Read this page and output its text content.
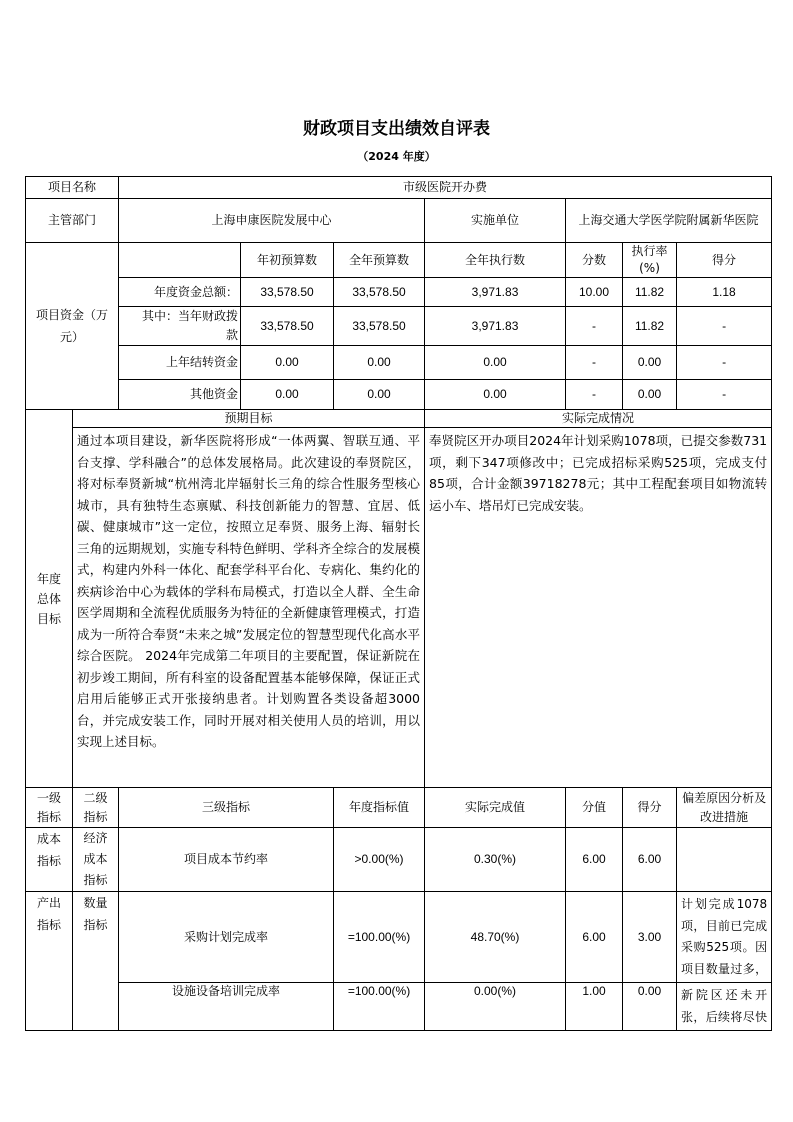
财政项目支出绩效自评表
（2024 年度）
项目名称		市级医院开办费						
主管部门		上海申康医院发展中心			实施单位	上海交通大学医学院附属新华医院		
项目资金（万元）			年初预算数	全年预算数	全年执行数	分数	执行率(%)	得分
		年度资金总额：	33,578.50	33,578.50	3,971.83	10.00	11.82	1.18
		其中：当年财政拨款	33,578.50	33,578.50	3,971.83	-	11.82	-
		上年结转资金	0.00	0.00	0.00	-	0.00	-
		其他资金	0.00	0.00	0.00	-	0.00	-
年度总体目标	预期目标				实际完成情况			
	通过本项目建设，新华医院将形成“一体两翼、智联互通、平台支撑、学科融合”的总体发展格局。此次建设的奉贤院区，将对标奉贤新城“杭州湾北岸辐射长三角的综合性服务型核心城市，具有独特生态禀赋、科技创新能力的智慧、宜居、低碳、健康城市”这一定位，按照立足奉贤、服务上海、辐射长三角的远期规划，实施专科特色鲜明、学科齐全综合的发展模式，构建内外科一体化、配套学科平台化、专病化、集约化的疾病诊治中心为载体的学科布局模式，打造以全人群、全生命医学周期和全流程优质服务为特征的全新健康管理模式，打造成为一所符合奉贤“未来之城”发展定位的智慧型现代化高水平综合医院。 2024年完成第二年项目的主要配置，保证新院在初步竣工期间，所有科室的设备配置基本能够保障，保证正式启用后能够正式开张接纳患者。计划购置各类设备超3000台，并完成安装工作，同时开展对相关使用人员的培训，用以实现上述目标。				奉贤院区开办项目2024年计划采购1078项，已提交参数731项，剩下347项修改中；已完成招标采购525项，完成支付85项，合计金额39718278元；其中工程配套项目如物流转运小车、塔吊灯已完成安装。			
一级指标	二级指标	三级指标		年度指标值	实际完成值	分值	得分	偏差原因分析及改进措施
成本指标	经济成本指标	项目成本节约率		>0.00(%)	0.30(%)	6.00	6.00	
产出指标	数量指标	采购计划完成率		=100.00(%)	48.70(%)	6.00	3.00	计划完成1078项，目前已完成采购525项。因项目数量过多，

		设施设备培训完成率		=100.00(%)	0.00(%)	1.00	0.00	新院区还未开张，后续将尽快
